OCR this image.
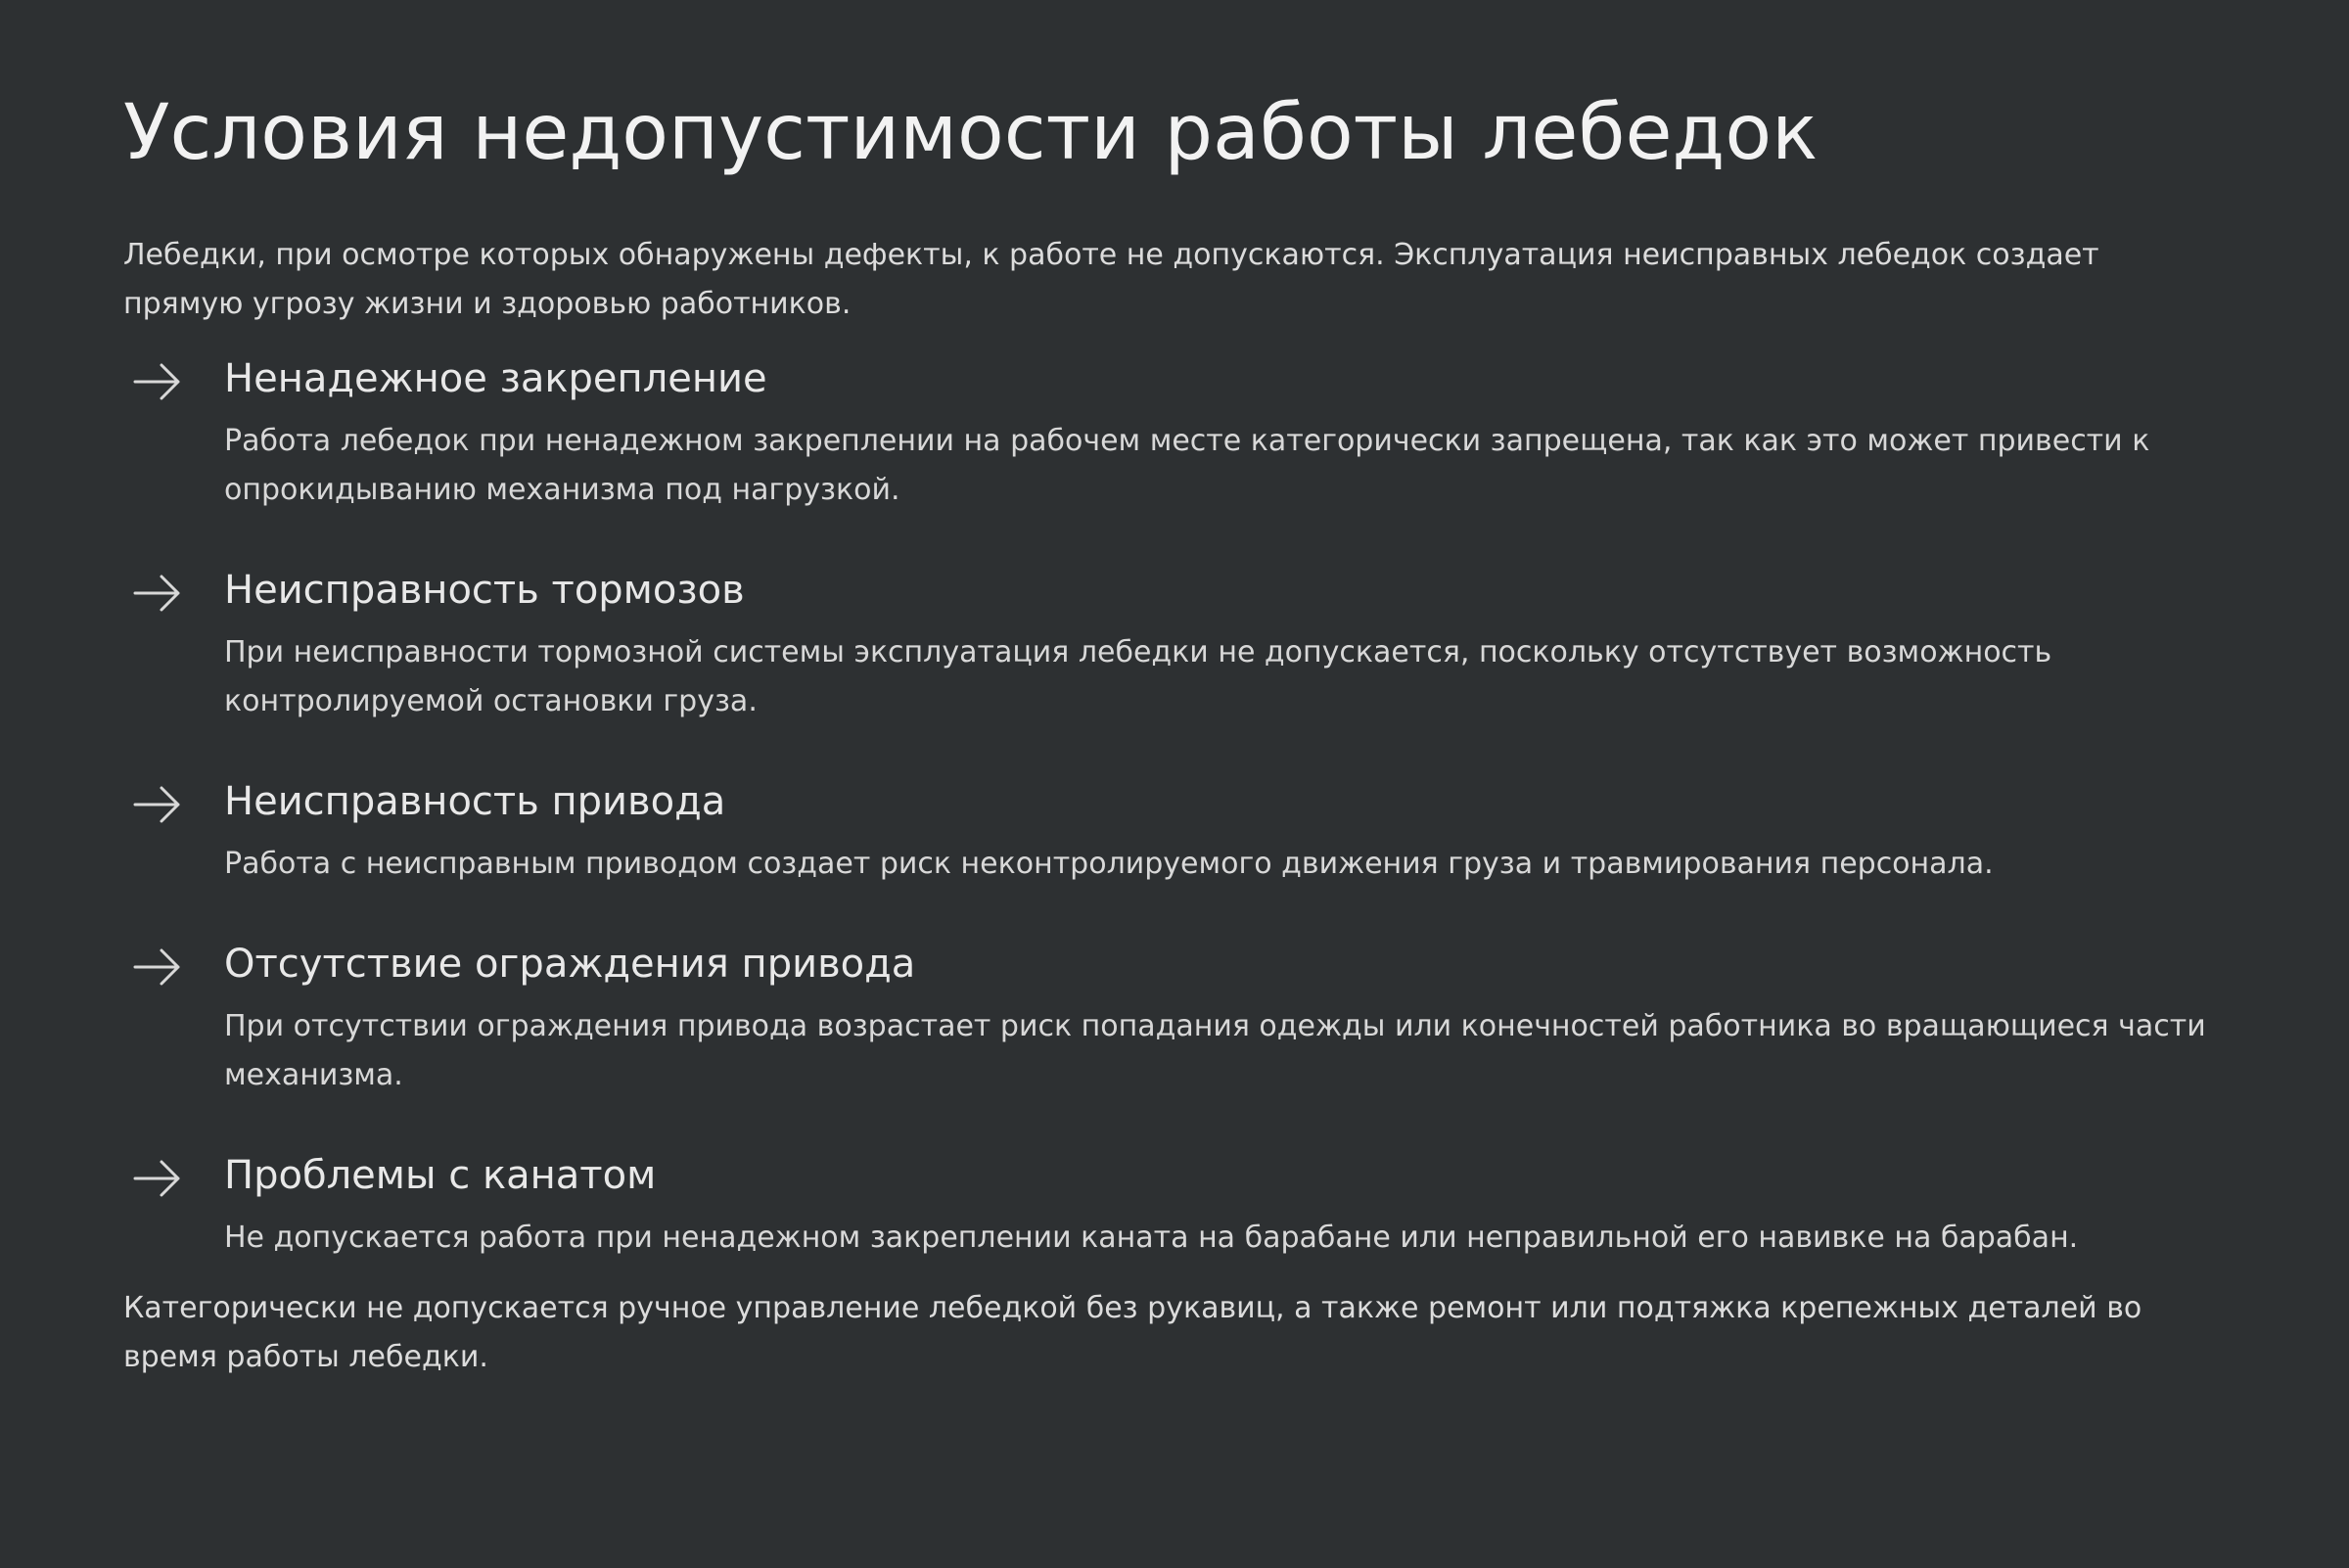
Условия недопустимости работы лебедок

Лебедки, при осмотре которых обнаружены дефекты, к работе не допускаются. Эксплуатация неисправных лебедок создает прямую угрозу жизни и здоровью работников.

Ненадежное закрепление

Работа лебедок при ненадежном закреплении на рабочем месте категорически запрещена, так как это может привести к опрокидыванию механизма под нагрузкой.

Неисправность тормозов

При неисправности тормозной системы эксплуатация лебедки не допускается, поскольку отсутствует возможность контролируемой остановки груза.

Неисправность привода

Работа с неисправным приводом создает риск неконтролируемого движения груза и травмирования персонала.

Отсутствие ограждения привода

При отсутствии ограждения привода возрастает риск попадания одежды или конечностей работника во вращающиеся части механизма.

Проблемы с канатом

Не допускается работа при ненадежном закреплении каната на барабане или неправильной его навивке на барабан.

Категорически не допускается ручное управление лебедкой без рукавиц, а также ремонт или подтяжка крепежных деталей во время работы лебедки.
